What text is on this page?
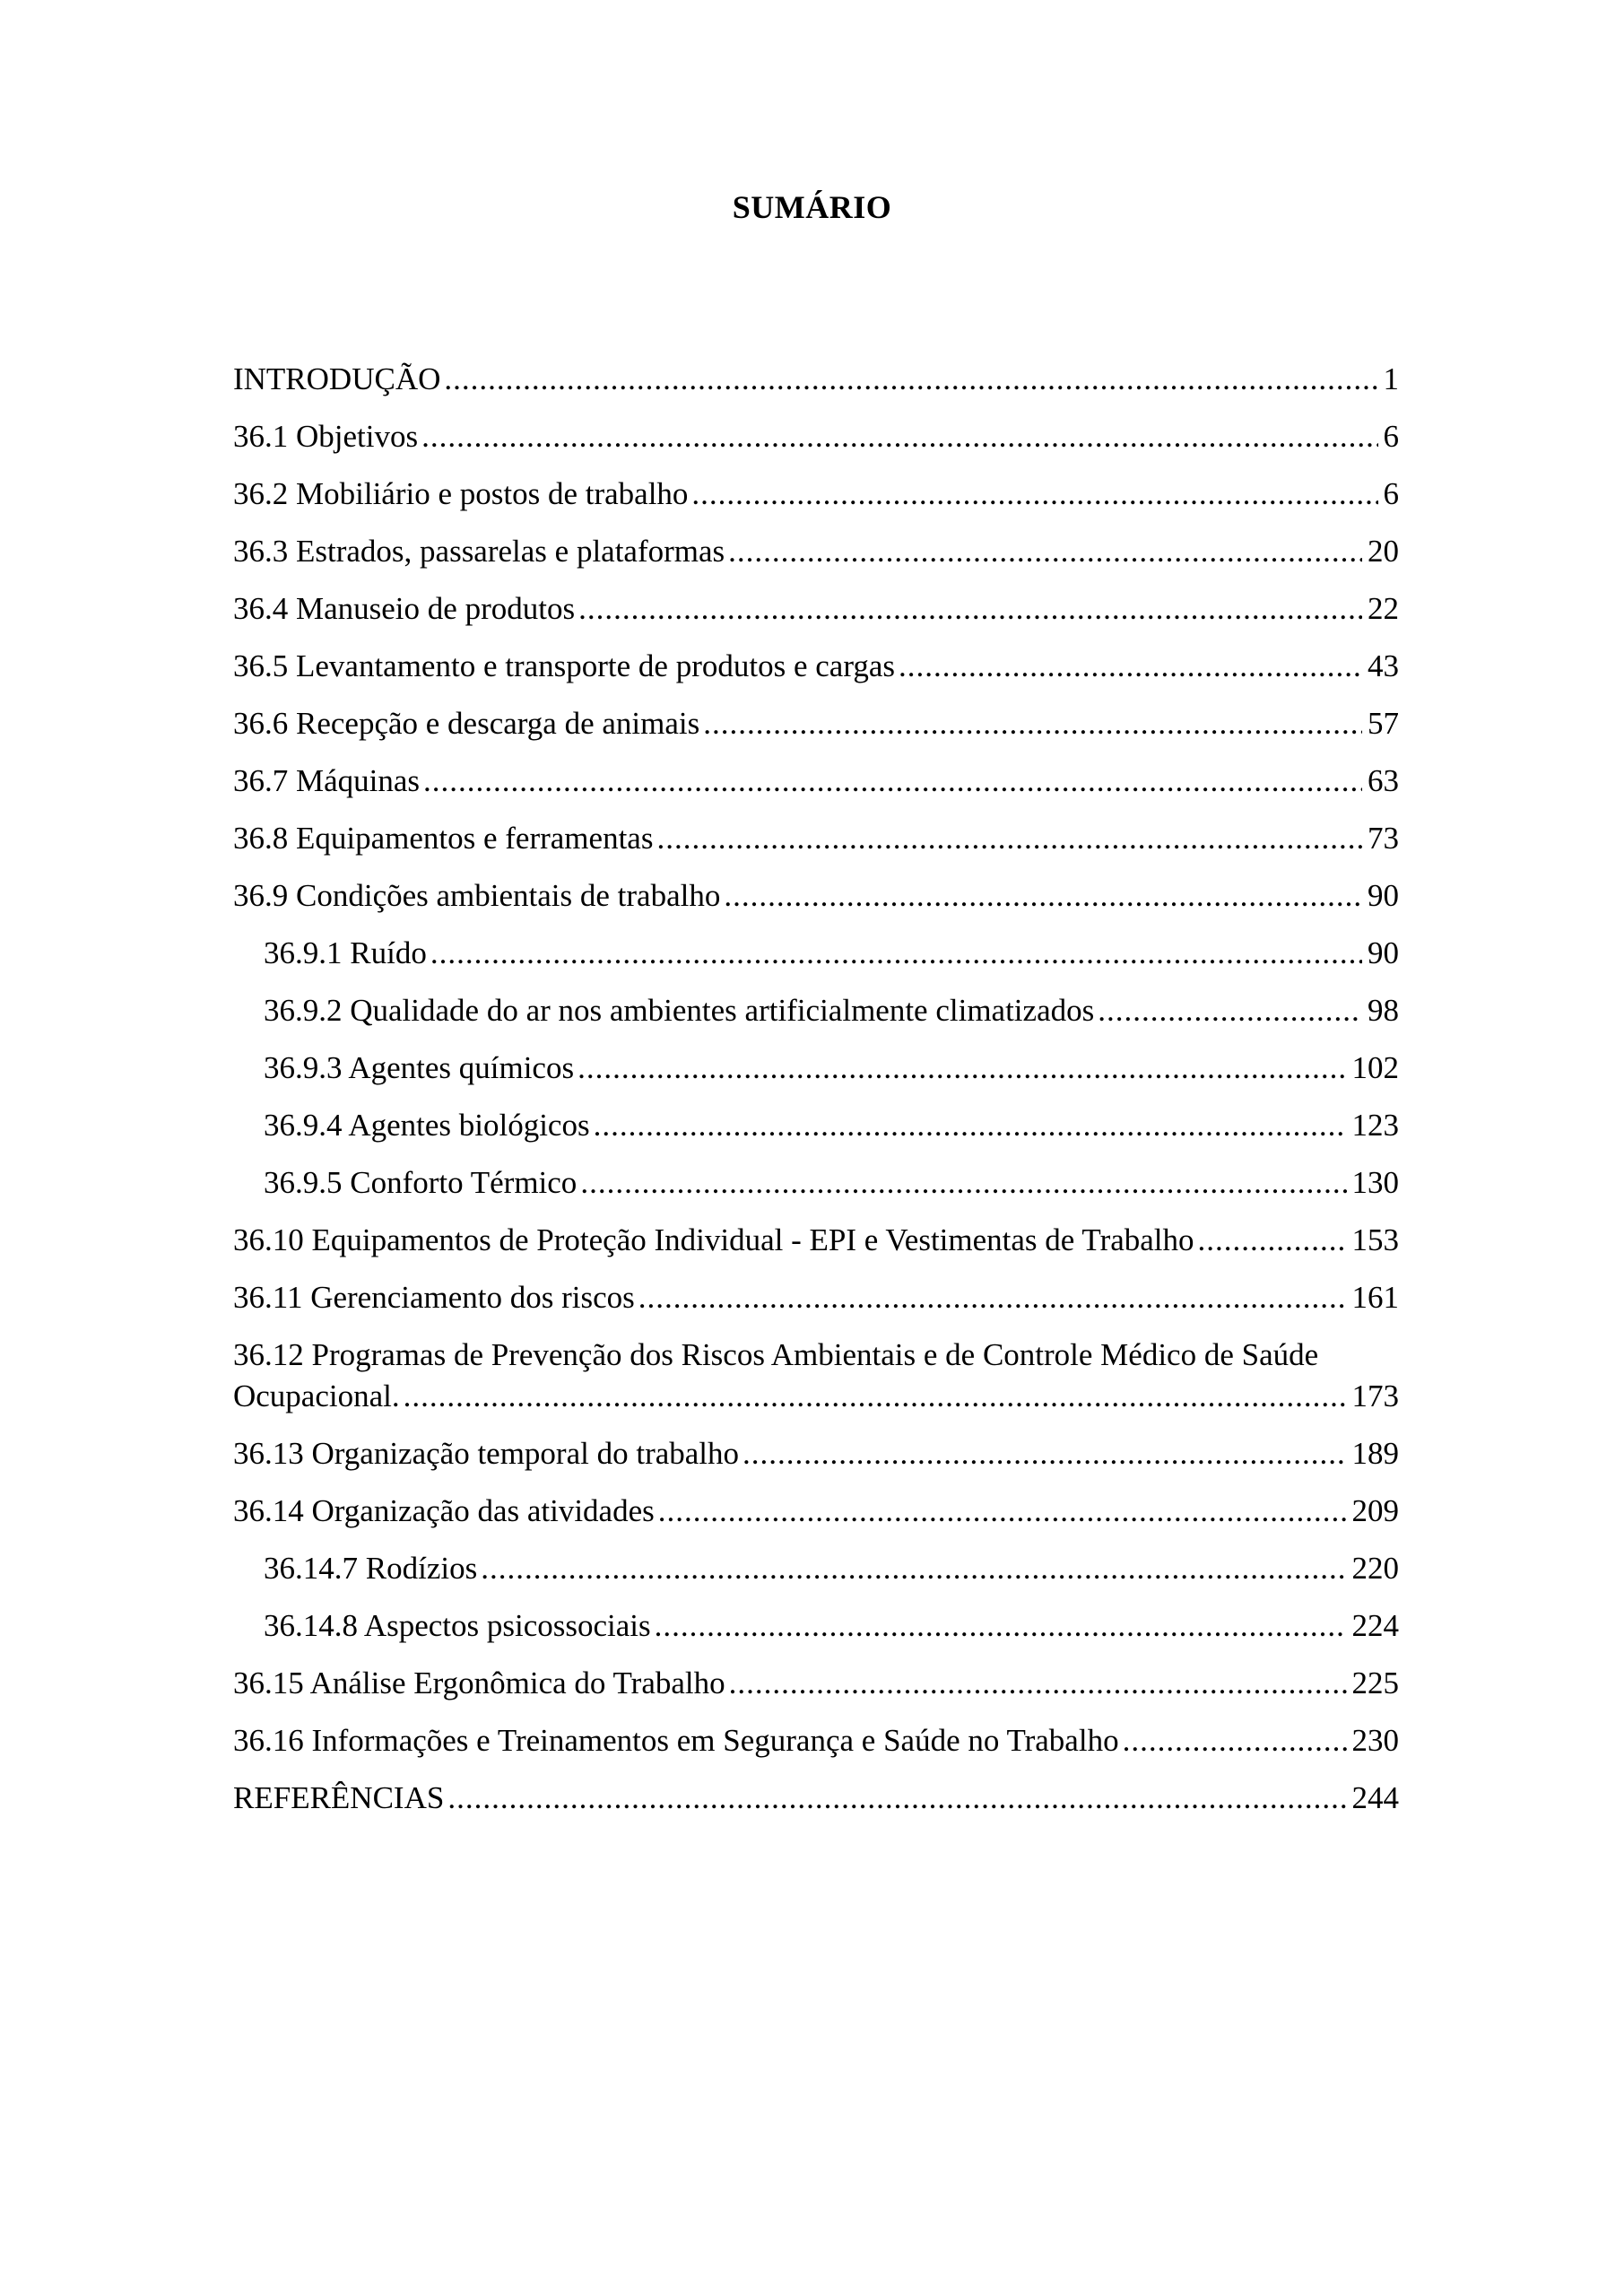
SUMÁRIO
INTRODUÇÃO .....	1
36.1 Objetivos .....	6
36.2 Mobiliário e postos de trabalho .....	6
36.3 Estrados, passarelas e plataformas .....	20
36.4 Manuseio de produtos .....	22
36.5 Levantamento e transporte de produtos e cargas .....	43
36.6 Recepção e descarga de animais .....	57
36.7 Máquinas .....	63
36.8 Equipamentos e ferramentas .....	73
36.9 Condições ambientais de trabalho .....	90
36.9.1 Ruído .....	90
36.9.2 Qualidade do ar nos ambientes artificialmente climatizados .....	98
36.9.3 Agentes químicos .....	102
36.9.4 Agentes biológicos .....	123
36.9.5 Conforto Térmico .....	130
36.10 Equipamentos de Proteção Individual - EPI e Vestimentas de Trabalho .....	153
36.11 Gerenciamento dos riscos .....	161
36.12 Programas de Prevenção dos Riscos Ambientais e de Controle Médico de Saúde
Ocupacional. .....	173
36.13 Organização temporal do trabalho .....	189
36.14 Organização das atividades .....	209
36.14.7 Rodízios .....	220
36.14.8 Aspectos psicossociais .....	224
36.15 Análise Ergonômica do Trabalho .....	225
36.16 Informações e Treinamentos em Segurança e Saúde no Trabalho .....	230
REFERÊNCIAS .....	244
